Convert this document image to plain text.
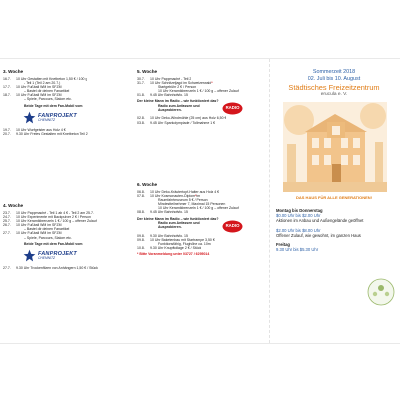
3. Woche
16.7.	10 Uhr Gestalten mit Knetbeton 1,50 € / 100 g
- Teil 1 (Teil 2 am 20.7.)
17.7.	10 Uhr Fußball WM im SFZM
– Bastel dir deinen Fanartikel
18.7.	10 Uhr Fußball WM im SFZM
– Spiele, Parcours, Slalom etc.
Beide Tage mit dem Fan-Mobil vom
FANPROJEKT
CHEMNITZ
19.7.	10 Uhr Wurfgeister aus Holz 4 €
20.7.	9.30 Uhr Freies Gestalten mit Knetbeton Teil 2
4. Woche
23.7.	10 Uhr Pappmaché - Teil 1 ab 4 € - Teil 2 am 25.7.
24.7.	10 Uhr Experimente mit Backpulver 2 € / Person
25.7.	10 Uhr Keramikbrenzeln 1 € / 100 g – offener Zulauf
26.7.	10 Uhr Fußball WM im SFZM
– Bastel dir deinen Fanartikel
27.7.	10 Uhr Fußball WM im SFZM
– Spiele, Parcours, Slalom etc.
Beide Tage mit dem Fan-Mobil vom
FANPROJEKT
CHEMNITZ
27.7.	9.30 Uhr Trockenfilzen von Anhängern 1,50 € / Stück
5. Woche
30.7.	10 Uhr Pappmaché - Teil 2
31.7.	10 Uhr Schnitzeljagd im Schweizerwald *
Startgebühr 2 € / Person
10 Uhr Keramikbrenzeln 1 € / 100 g – offener Zulauf
01.8.	9.45 Uhr Bahnhofsfo. 15
Der kleine Mann im Radio – wie funktioniert das?
Radio zum Anfassen und
Ausprobieren.	RADIO
02.8.	10 Uhr Deko-Windmühle (25 cm) aus Holz 6,50 €
03.8.	9.45 Uhr Sparkolympiade / Tollmahme 1 €
6. Woche
06.8.	10 Uhr Deko-Kräutertopf-Halter aus Holz 4 €
07.8.	10 Uhr Kosmonauten-Diplom * im
Raumfahrtmuseum 5 € / Person
Mindestteilnehmer 7, Maximal 15 Personen
10 Uhr Keramikbrenzeln 1 € / 100 g – offener Zulauf
08.8.	9.45 Uhr Bahnhofsfo. 15
Der kleine Mann im Radio – wie funktioniert das?
Radio zum Anfassen und
Ausprobieren.	RADIO
09.8.	9.30 Uhr Bahnhofsfo. 15
09.8.	10 Uhr Baketenbau mit Startrampe 3,50 €
Funktionsfähig, Flughöhe ca. 10m
10.8.	9.30 Uhr Knupftollage 2 € / Stück
* Bitte Voranmeldung unter 03727 / 6295014
Sommerzeit 2018
02. Juli bis 10. August
Städtisches Freizeitzentrum
erucula e. V.
DAS HAUS FÜR ALLE GENERATIONEN!
Montag bis Donnerstag
$0.00 Uhr bis $2.00 Uhr
Aktionen im Anbau und Außengelände geöffnet
$2.00 Uhr bis $8.00 Uhr
Offener Zulauf, wie gewohnt, im ganzen Haus
Freitag
9.30 Uhr bis $5.30 Uhr
